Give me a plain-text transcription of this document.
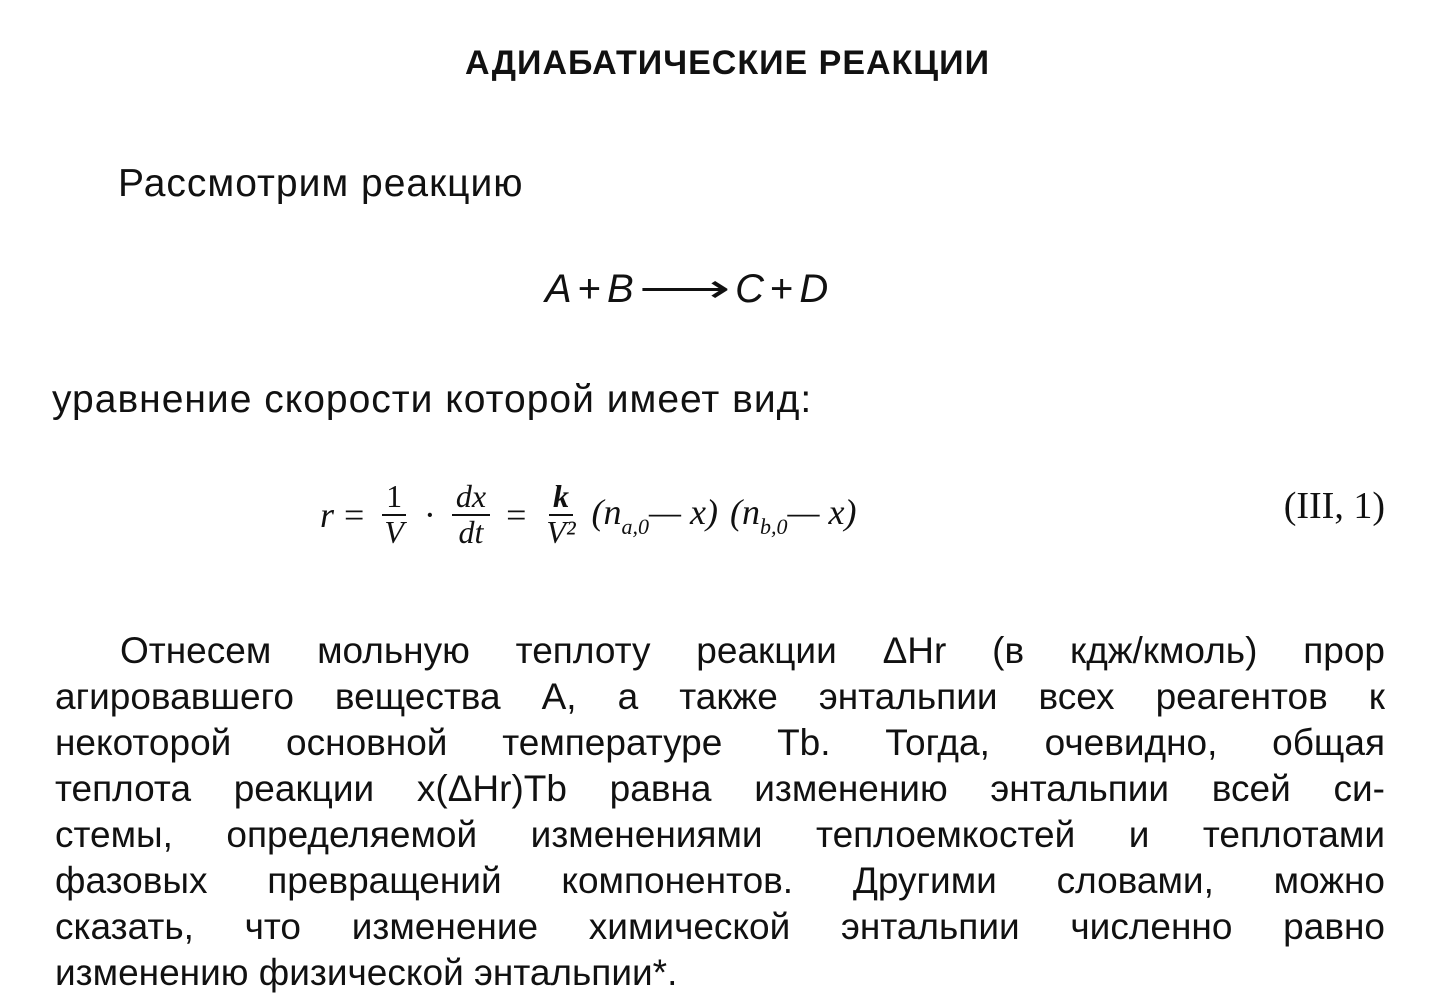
АДИАБАТИЧЕСКИЕ РЕАКЦИИ
Рассмотрим реакцию
A + B ⟶ C + D
уравнение скорости которой имеет вид:
$r = \frac{1}{V} \cdot \frac{dx}{dt} = \frac{k}{\text{V²}}$ ($n_{a,0}—$ x) ($n_{b,0}—$ x)	(III, 1)
Отнесем мольную теплоту реакции ΔHr (в кдж/кмоль) прор
агировавшего вещества A, а также энтальпии всех реагентов к
некоторой основной температуре Tb. Тогда, очевидно, общая
теплота реакции x(ΔHr)Tb равна изменению энтальпии всей си-
стемы, определяемой изменениями теплоемкостей и теплотами
фазовых превращений компонентов. Другими словами, можно
сказать, что изменение химической энтальпии численно равно
изменению физической энтальпии*.
